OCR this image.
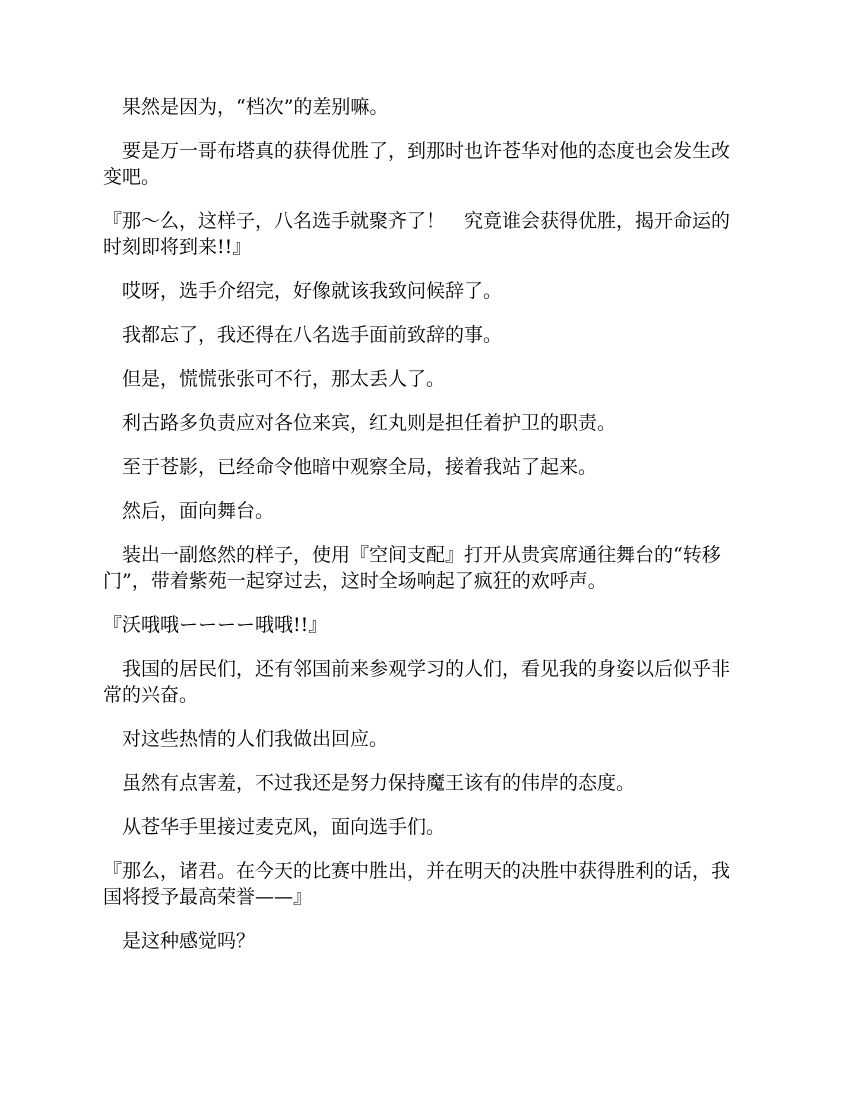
果然是因为，“档次”的差别嘛。

要是万一哥布塔真的获得优胜了，到那时也许苍华对他的态度也会发生改变吧。

『那～么，这样子，八名选手就聚齐了！　究竟谁会获得优胜，揭开命运的时刻即将到来!!』

哎呀，选手介绍完，好像就该我致问候辞了。

我都忘了，我还得在八名选手面前致辞的事。

但是，慌慌张张可不行，那太丢人了。

利古路多负责应对各位来宾，红丸则是担任着护卫的职责。

至于苍影，已经命令他暗中观察全局，接着我站了起来。

然后，面向舞台。

装出一副悠然的样子，使用『空间支配』打开从贵宾席通往舞台的“转移门”，带着紫苑一起穿过去，这时全场响起了疯狂的欢呼声。

『沃哦哦ーーーー哦哦!!』

我国的居民们，还有邻国前来参观学习的人们，看见我的身姿以后似乎非常的兴奋。

对这些热情的人们我做出回应。

虽然有点害羞，不过我还是努力保持魔王该有的伟岸的态度。

从苍华手里接过麦克风，面向选手们。

『那么，诸君。在今天的比赛中胜出，并在明天的决胜中获得胜利的话，我国将授予最高荣誉——』

是这种感觉吗？
